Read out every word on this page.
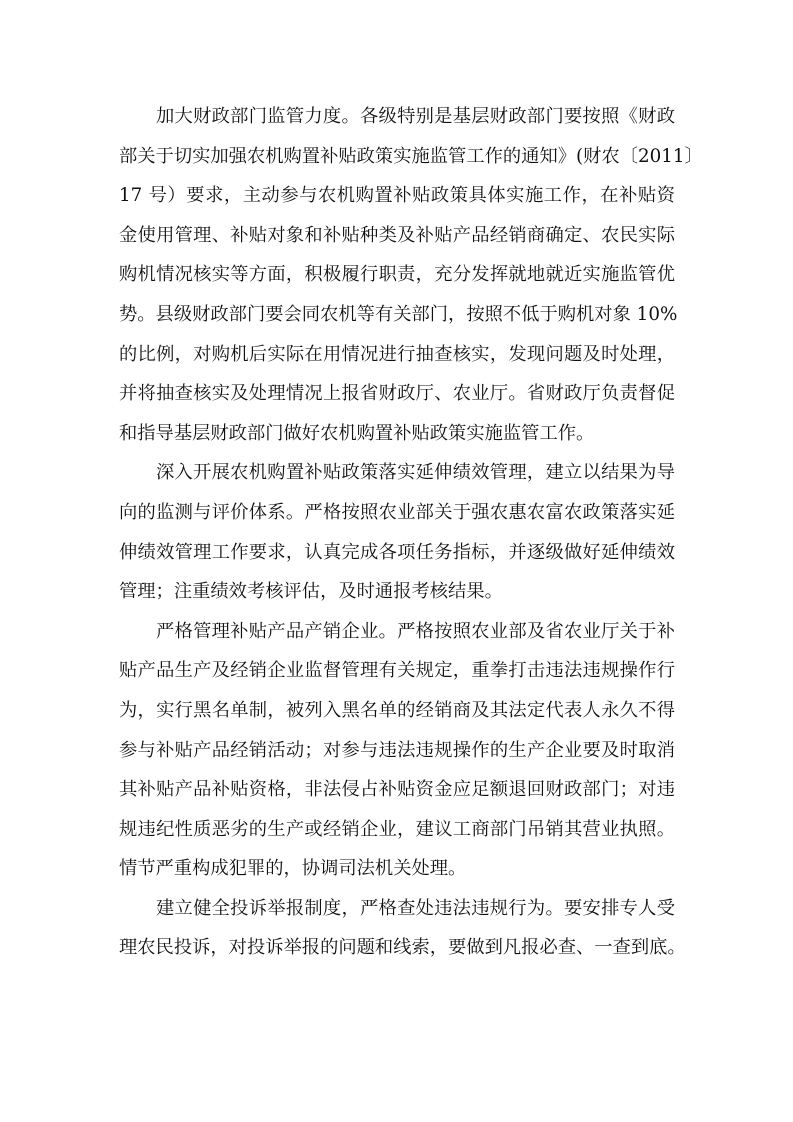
加大财政部门监管力度。各级特别是基层财政部门要按照《财政
部关于切实加强农机购置补贴政策实施监管工作的通知》(财农〔2011〕
17 号）要求，主动参与农机购置补贴政策具体实施工作，在补贴资
金使用管理、补贴对象和补贴种类及补贴产品经销商确定、农民实际
购机情况核实等方面，积极履行职责，充分发挥就地就近实施监管优
势。县级财政部门要会同农机等有关部门，按照不低于购机对象 10%
的比例，对购机后实际在用情况进行抽查核实，发现问题及时处理，
并将抽查核实及处理情况上报省财政厅、农业厅。省财政厅负责督促
和指导基层财政部门做好农机购置补贴政策实施监管工作。
深入开展农机购置补贴政策落实延伸绩效管理，建立以结果为导
向的监测与评价体系。严格按照农业部关于强农惠农富农政策落实延
伸绩效管理工作要求，认真完成各项任务指标，并逐级做好延伸绩效
管理；注重绩效考核评估，及时通报考核结果。
严格管理补贴产品产销企业。严格按照农业部及省农业厅关于补
贴产品生产及经销企业监督管理有关规定，重拳打击违法违规操作行
为，实行黑名单制，被列入黑名单的经销商及其法定代表人永久不得
参与补贴产品经销活动；对参与违法违规操作的生产企业要及时取消
其补贴产品补贴资格，非法侵占补贴资金应足额退回财政部门；对违
规违纪性质恶劣的生产或经销企业，建议工商部门吊销其营业执照。
情节严重构成犯罪的，协调司法机关处理。
建立健全投诉举报制度，严格查处违法违规行为。要安排专人受
理农民投诉，对投诉举报的问题和线索，要做到凡报必查、一查到底。
